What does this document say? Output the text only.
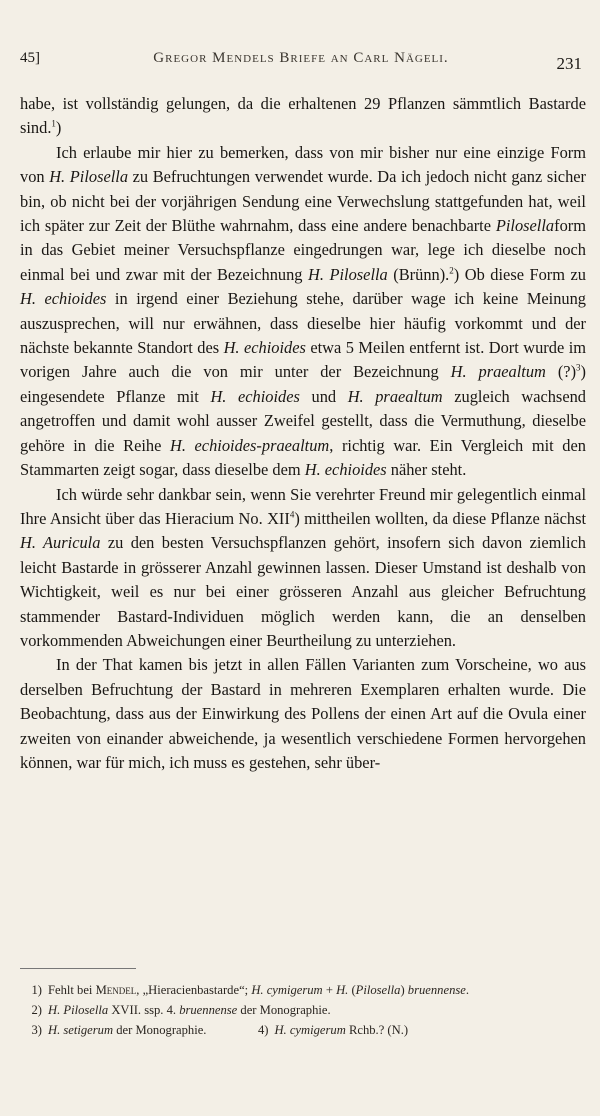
45]	Gregor Mendels Briefe an Carl Nägeli.	231

habe, ist vollständig gelungen, da die erhaltenen 29 Pflanzen sämmtlich Bastarde sind.$^1$)

Ich erlaube mir hier zu bemerken, dass von mir bisher nur eine einzige Form von H. Pilosella zu Befruchtungen verwendet wurde. Da ich jedoch nicht ganz sicher bin, ob nicht bei der vorjährigen Sendung eine Verwechslung stattgefunden hat, weil ich später zur Zeit der Blüthe wahrnahm, dass eine andere benachbarte Pilosellaform in das Gebiet meiner Versuchspflanze eingedrungen war, lege ich dieselbe noch einmal bei und zwar mit der Bezeichnung H. Pilosella (Brünn).$^2$) Ob diese Form zu H. echioides in irgend einer Beziehung stehe, darüber wage ich keine Meinung auszusprechen, will nur erwähnen, dass dieselbe hier häufig vorkommt und der nächste bekannte Standort des H. echioides etwa 5 Meilen entfernt ist. Dort wurde im vorigen Jahre auch die von mir unter der Bezeichnung H. praealtum (?)$^3$) eingesendete Pflanze mit H. echioides und H. praealtum zugleich wachsend angetroffen und damit wohl ausser Zweifel gestellt, dass die Vermuthung, dieselbe gehöre in die Reihe H. echioides-praealtum, richtig war. Ein Vergleich mit den Stammarten zeigt sogar, dass dieselbe dem H. echioides näher steht.

Ich würde sehr dankbar sein, wenn Sie verehrter Freund mir gelegentlich einmal Ihre Ansicht über das Hieracium No. XII$^4$) mittheilen wollten, da diese Pflanze nächst H. Auricula zu den besten Versuchspflanzen gehört, insofern sich davon ziemlich leicht Bastarde in grösserer Anzahl gewinnen lassen. Dieser Umstand ist deshalb von Wichtigkeit, weil es nur bei einer grösseren Anzahl aus gleicher Befruchtung stammender Bastard-Individuen möglich werden kann, die an denselben vorkommenden Abweichungen einer Beurtheilung zu unterziehen.

In der That kamen bis jetzt in allen Fällen Varianten zum Vorscheine, wo aus derselben Befruchtung der Bastard in mehreren Exemplaren erhalten wurde. Die Beobachtung, dass aus der Einwirkung des Pollens der einen Art auf die Ovula einer zweiten von einander abweichende, ja wesentlich verschiedene Formen hervorgehen können, war für mich, ich muss es gestehen, sehr über-

1) Fehlt bei Mendel, „Hieracienbastarde“; H. cymigerum + H. (Pilosella) bruennense.

2) H. Pilosella XVII. ssp. 4. bruennense der Monographie.

3) H. setigerum der Monographie.	4) H. cymigerum Rchb.? (N.)
